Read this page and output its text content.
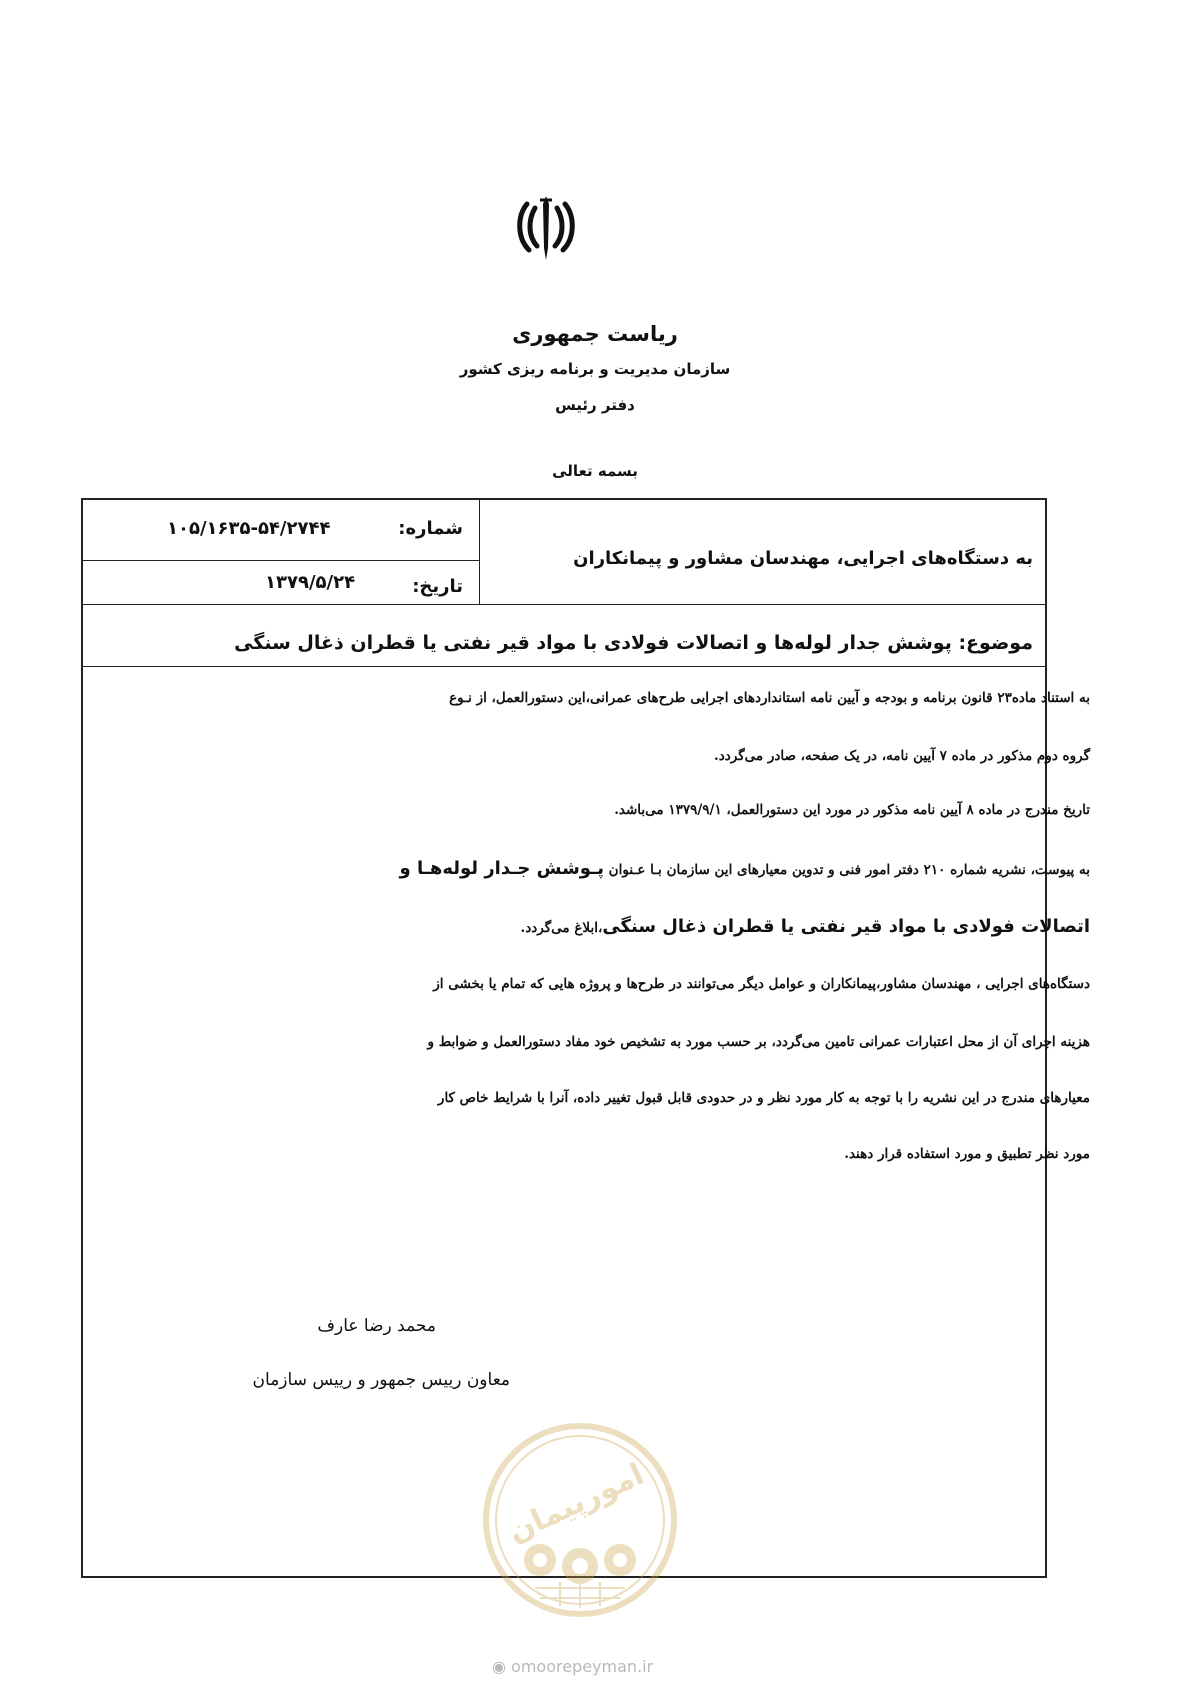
ریاست جمهوری
سازمان مدیریت و برنامه ریزی کشور
دفتر رئیس
بسمه تعالی
به دستگاه‌های اجرایی، مهندسان مشاور و پیمانکاران
شماره:
۱۰۵/۱۶۳۵-۵۴/۲۷۴۴
تاریخ:
۱۳۷۹/۵/۲۴
موضوع: پوشش جدار لوله‌ها و اتصالات فولادی با مواد قیر نفتی یا قطران ذغال سنگی
به استناد ماده۲۳ قانون برنامه و بودجه و آیین نامه استانداردهای اجرایی طرح‌های عمرانی،این دستورالعمل، از نـوع
گروه دوم مذکور در ماده ۷ آیین نامه، در یک صفحه، صادر می‌گردد.
تاریخ مندرج در ماده ۸ آیین نامه مذکور در مورد این دستورالعمل، ۱۳۷۹/۹/۱ می‌باشد.
به پیوست، نشریه شماره ۲۱۰ دفتر امور فنی و تدوین معیارهای این سازمان بـا عـنوان پـوشش جـدار لوله‌هـا و
اتصالات فولادی با مواد قیر نفتی یا قطران ذغال سنگی،ابلاغ می‌گردد.
دستگاه‌های اجرایی ، مهندسان مشاور،پیمانکاران و عوامل دیگر می‌توانند در طرح‌ها و پروژه هایی که تمام یا بخشی از
هزینه اجرای آن از محل اعتبارات عمرانی تامین می‌گردد، بر حسب مورد به تشخیص خود مفاد دستورالعمل و ضوابط و
معیارهای مندرج در این نشریه را با توجه به کار مورد نظر و در حدودی قابل قبول تغییر داده، آنرا با شرایط خاص کار
مورد نظر تطبیق و مورد استفاده قرار دهند.
محمد رضا عارف
معاون رییس جمهور و رییس سازمان
امورپیمان
◉ omoorepeyman.ir
